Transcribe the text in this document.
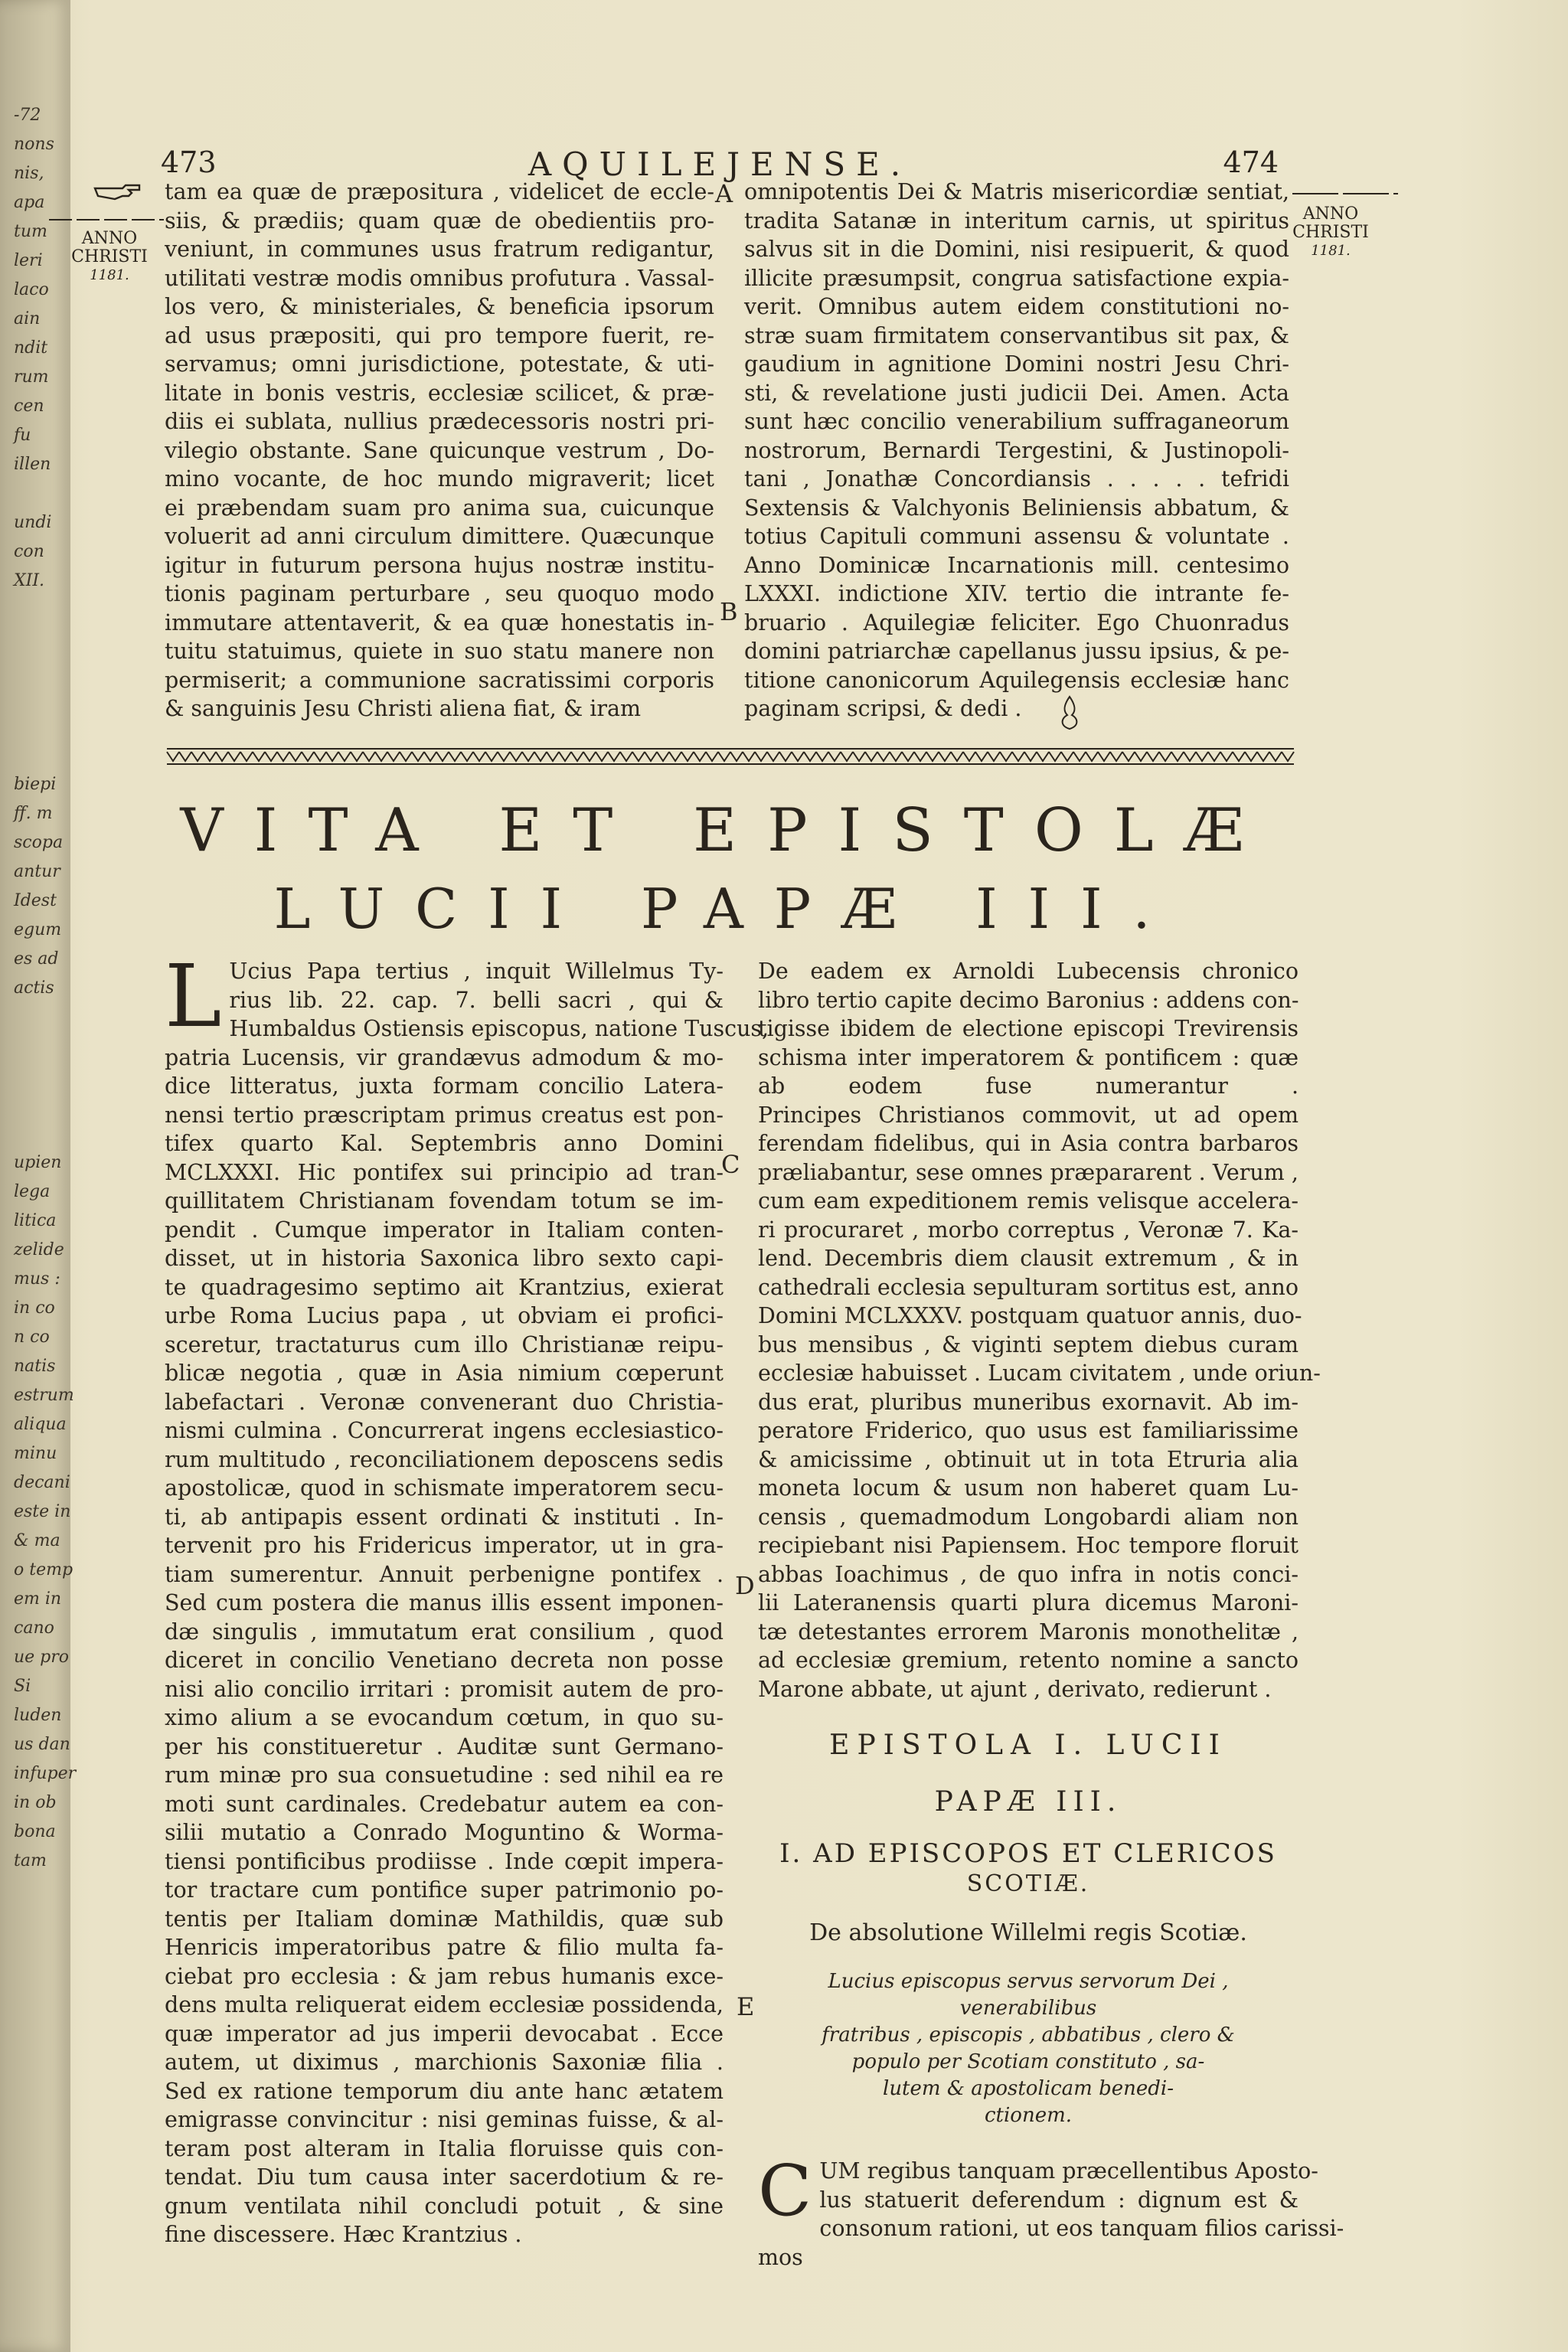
-72
nons
nis,
apa
tum
leri
laco
ain
ndit
rum
cen
fu
illen
undi
con
XII.
biepi
ff. m
scopa
antur
Idest
egum
es ad
actis
upien
lega
litica
zelide
mus :
in co
n co
natis
estrum
aliqua
minu
decani
este in
& ma
o temp
em in
cano
ue pro
Si
luden
us dan
infuper
in ob
bona
tam
473	AQUILEJENSE.	474
ANNO
CHRISTI
1181.
ANNO
CHRISTI
1181.
A
B
C
D
E
tam ea quæ de præpositura , videlicet de eccle-
siis, & prædiis; quam quæ de obedientiis pro-
veniunt, in communes usus fratrum redigantur,
utilitati vestræ modis omnibus profutura . Vassal-
los vero, & ministeriales, & beneficia ipsorum
ad usus præpositi, qui pro tempore fuerit, re-
servamus; omni jurisdictione, potestate, & uti-
litate in bonis vestris, ecclesiæ scilicet, & præ-
diis ei sublata, nullius prædecessoris nostri pri-
vilegio obstante. Sane quicunque vestrum , Do-
mino vocante, de hoc mundo migraverit; licet
ei præbendam suam pro anima sua, cuicunque
voluerit ad anni circulum dimittere. Quæcunque
igitur in futurum persona hujus nostræ institu-
tionis paginam perturbare , seu quoquo modo
immutare attentaverit, & ea quæ honestatis in-
tuitu statuimus, quiete in suo statu manere non
permiserit; a communione sacratissimi corporis
& sanguinis Jesu Christi aliena fiat, & iram
omnipotentis Dei & Matris misericordiæ sentiat,
tradita Satanæ in interitum carnis, ut spiritus
salvus sit in die Domini, nisi resipuerit, & quod
illicite præsumpsit, congrua satisfactione expia-
verit. Omnibus autem eidem constitutioni no-
stræ suam firmitatem conservantibus sit pax, &
gaudium in agnitione Domini nostri Jesu Chri-
sti, & revelatione justi judicii Dei. Amen. Acta
sunt hæc concilio venerabilium suffraganeorum
nostrorum, Bernardi Tergestini, & Justinopoli-
tani , Jonathæ Concordiansis . . . . . tefridi
Sextensis & Valchyonis Beliniensis abbatum, &
totius Capituli communi assensu & voluntate .
Anno Dominicæ Incarnationis mill. centesimo
LXXXI. indictione XIV. tertio die intrante fe-
bruario . Aquilegiæ feliciter. Ego Chuonradus
domini patriarchæ capellanus jussu ipsius, & pe-
titione canonicorum Aquilegensis ecclesiæ hanc
paginam scripsi, & dedi .
VITA ET EPISTOLÆ
LUCII PAPÆ III.
L Ucius Papa tertius , inquit Willelmus Ty-
rius lib. 22. cap. 7. belli sacri , qui &
Humbaldus Ostiensis episcopus, natione Tuscus,
patria Lucensis, vir grandævus admodum & mo-
dice litteratus, juxta formam concilio Latera-
nensi tertio præscriptam primus creatus est pon-
tifex quarto Kal. Septembris anno Domini
MCLXXXI. Hic pontifex sui principio ad tran-
quillitatem Christianam fovendam totum se im-
pendit . Cumque imperator in Italiam conten-
disset, ut in historia Saxonica libro sexto capi-
te quadragesimo septimo ait Krantzius, exierat
urbe Roma Lucius papa , ut obviam ei profici-
sceretur, tractaturus cum illo Christianæ reipu-
blicæ negotia , quæ in Asia nimium cœperunt
labefactari . Veronæ convenerant duo Christia-
nismi culmina . Concurrerat ingens ecclesiastico-
rum multitudo , reconciliationem deposcens sedis
apostolicæ, quod in schismate imperatorem secu-
ti, ab antipapis essent ordinati & instituti . In-
tervenit pro his Fridericus imperator, ut in gra-
tiam sumerentur. Annuit perbenigne pontifex .
Sed cum postera die manus illis essent imponen-
dæ singulis , immutatum erat consilium , quod
diceret in concilio Venetiano decreta non posse
nisi alio concilio irritari : promisit autem de pro-
ximo alium a se evocandum cœtum, in quo su-
per his constitueretur . Auditæ sunt Germano-
rum minæ pro sua consuetudine : sed nihil ea re
moti sunt cardinales. Credebatur autem ea con-
silii mutatio a Conrado Moguntino & Worma-
tiensi pontificibus prodiisse . Inde cœpit impera-
tor tractare cum pontifice super patrimonio po-
tentis per Italiam dominæ Mathildis, quæ sub
Henricis imperatoribus patre & filio multa fa-
ciebat pro ecclesia : & jam rebus humanis exce-
dens multa reliquerat eidem ecclesiæ possidenda,
quæ imperator ad jus imperii devocabat . Ecce
autem, ut diximus , marchionis Saxoniæ filia .
Sed ex ratione temporum diu ante hanc ætatem
emigrasse convincitur : nisi geminas fuisse, & al-
teram post alteram in Italia floruisse quis con-
tendat. Diu tum causa inter sacerdotium & re-
gnum ventilata nihil concludi potuit , & sine
fine discessere. Hæc Krantzius .
De eadem ex Arnoldi Lubecensis chronico
libro tertio capite decimo Baronius : addens con-
tigisse ibidem de electione episcopi Trevirensis
schisma inter imperatorem & pontificem : quæ
ab eodem fuse numerantur .
Principes Christianos commovit, ut ad opem
ferendam fidelibus, qui in Asia contra barbaros
præliabantur, sese omnes præpararent . Verum ,
cum eam expeditionem remis velisque accelera-
ri procuraret , morbo correptus , Veronæ 7. Ka-
lend. Decembris diem clausit extremum , & in
cathedrali ecclesia sepulturam sortitus est, anno
Domini MCLXXXV. postquam quatuor annis, duo-
bus mensibus , & viginti septem diebus curam
ecclesiæ habuisset . Lucam civitatem , unde oriun-
dus erat, pluribus muneribus exornavit. Ab im-
peratore Friderico, quo usus est familiarissime
& amicissime , obtinuit ut in tota Etruria alia
moneta locum & usum non haberet quam Lu-
censis , quemadmodum Longobardi aliam non
recipiebant nisi Papiensem. Hoc tempore floruit
abbas Ioachimus , de quo infra in notis conci-
lii Lateranensis quarti plura dicemus Maroni-
tæ detestantes errorem Maronis monothelitæ ,
ad ecclesiæ gremium, retento nomine a sancto
Marone abbate, ut ajunt , derivato, redierunt .
EPISTOLA I. LUCII
PAPÆ III.
I. AD EPISCOPOS ET CLERICOS
SCOTIÆ.
De absolutione Willelmi regis Scotiæ.
Lucius episcopus servus servorum Dei , venerabilibus
fratribus , episcopis , abbatibus , clero &
populo per Scotiam constituto , sa-
lutem & apostolicam benedi-
ctionem.
C UM regibus tanquam præcellentibus Aposto-
lus statuerit deferendum : dignum est &
consonum rationi, ut eos tanquam filios carissi-
mos
